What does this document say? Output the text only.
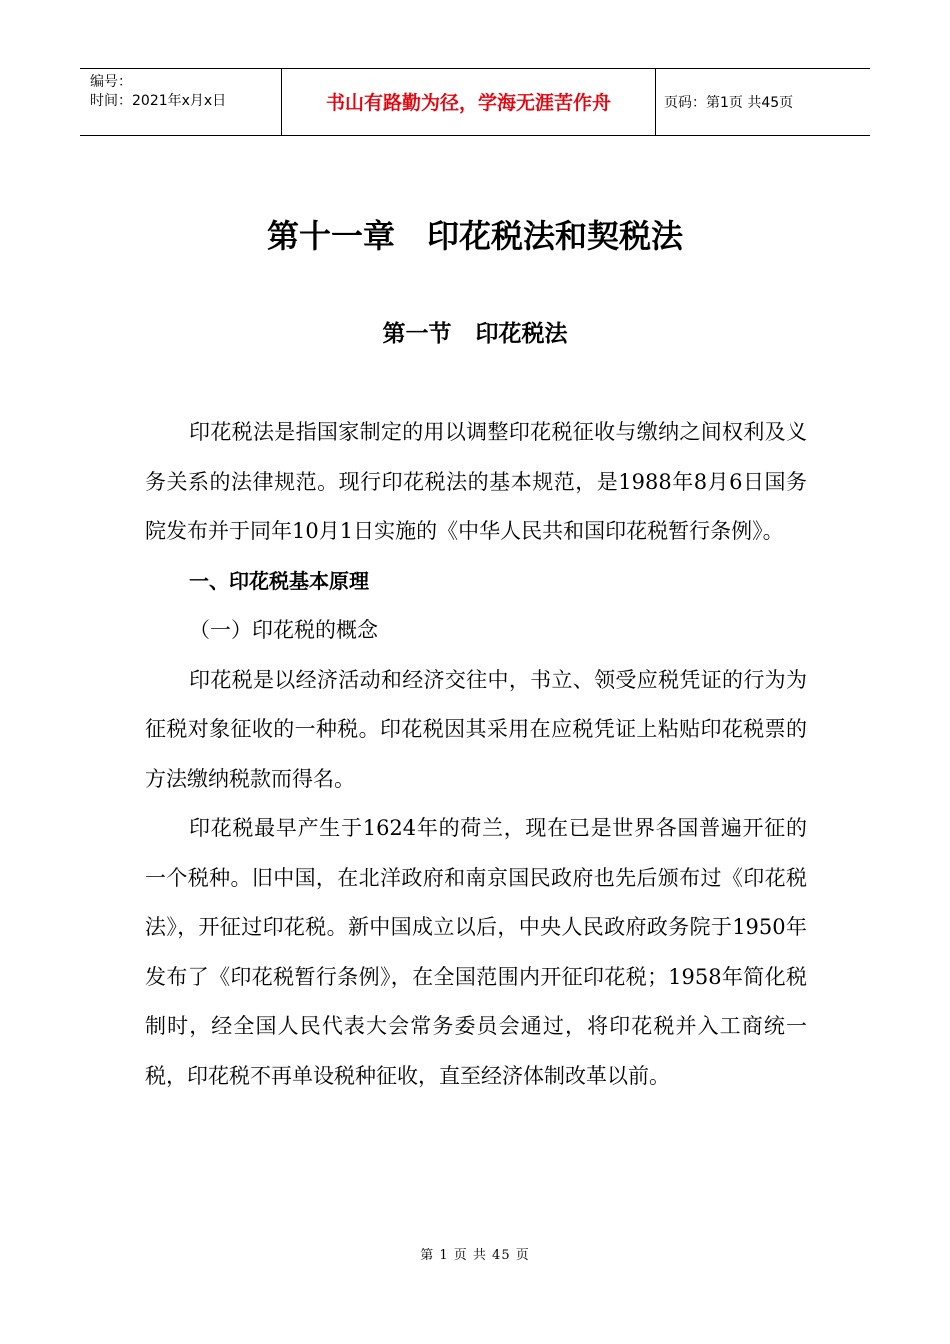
编号：
时间：2021年x月x日	书山有路勤为径，学海无涯苦作舟	页码：第1页 共45页
第十一章 印花税法和契税法
第一节 印花税法

印花税法是指国家制定的用以调整印花税征收与缴纳之间权利及义务关系的法律规范。现行印花税法的基本规范，是1988年8月6日国务院发布并于同年10月1日实施的《中华人民共和国印花税暂行条例》。

一、印花税基本原理

（一）印花税的概念

印花税是以经济活动和经济交往中，书立、领受应税凭证的行为为征税对象征收的一种税。印花税因其采用在应税凭证上粘贴印花税票的方法缴纳税款而得名。

印花税最早产生于1624年的荷兰，现在已是世界各国普遍开征的一个税种。旧中国，在北洋政府和南京国民政府也先后颁布过《印花税法》，开征过印花税。新中国成立以后，中央人民政府政务院于1950年发布了《印花税暂行条例》，在全国范围内开征印花税；1958年简化税制时，经全国人民代表大会常务委员会通过，将印花税并入工商统一税，印花税不再单设税种征收，直至经济体制改革以前。

第 1 页 共 45 页
